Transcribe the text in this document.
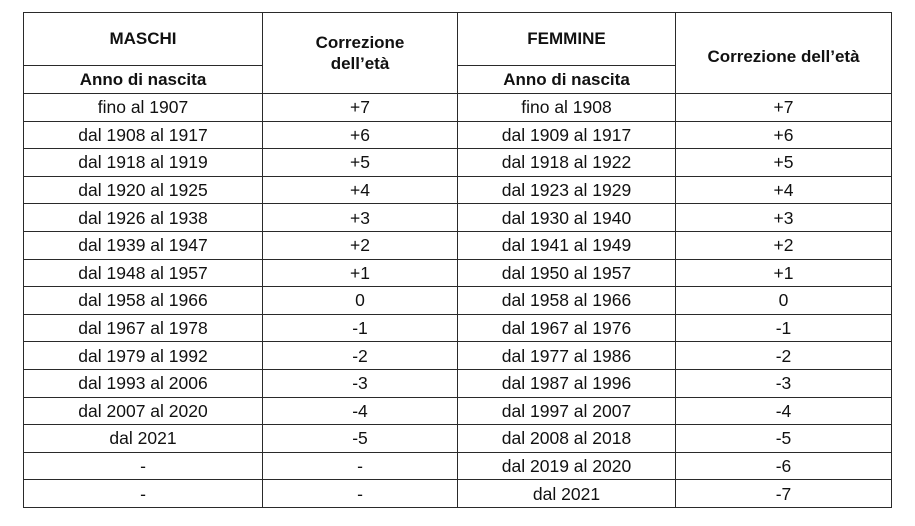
MASCHI	Correzione dell’età	FEMMINE	Correzione dell’età
Anno di nascita		Anno di nascita	
fino al 1907	+7	fino al 1908	+7
dal 1908 al 1917	+6	dal 1909 al 1917	+6
dal 1918 al 1919	+5	dal 1918 al 1922	+5
dal 1920 al 1925	+4	dal 1923 al 1929	+4
dal 1926 al 1938	+3	dal 1930 al 1940	+3
dal 1939 al 1947	+2	dal 1941 al 1949	+2
dal 1948 al 1957	+1	dal 1950 al 1957	+1
dal 1958 al 1966	0	dal 1958 al 1966	0
dal 1967 al 1978	-1	dal 1967 al 1976	-1
dal 1979 al 1992	-2	dal 1977 al 1986	-2
dal 1993 al 2006	-3	dal 1987 al 1996	-3
dal 2007 al 2020	-4	dal 1997 al 2007	-4
dal 2021	-5	dal 2008 al 2018	-5
-	-	dal 2019 al 2020	-6
-	-	dal 2021	-7
